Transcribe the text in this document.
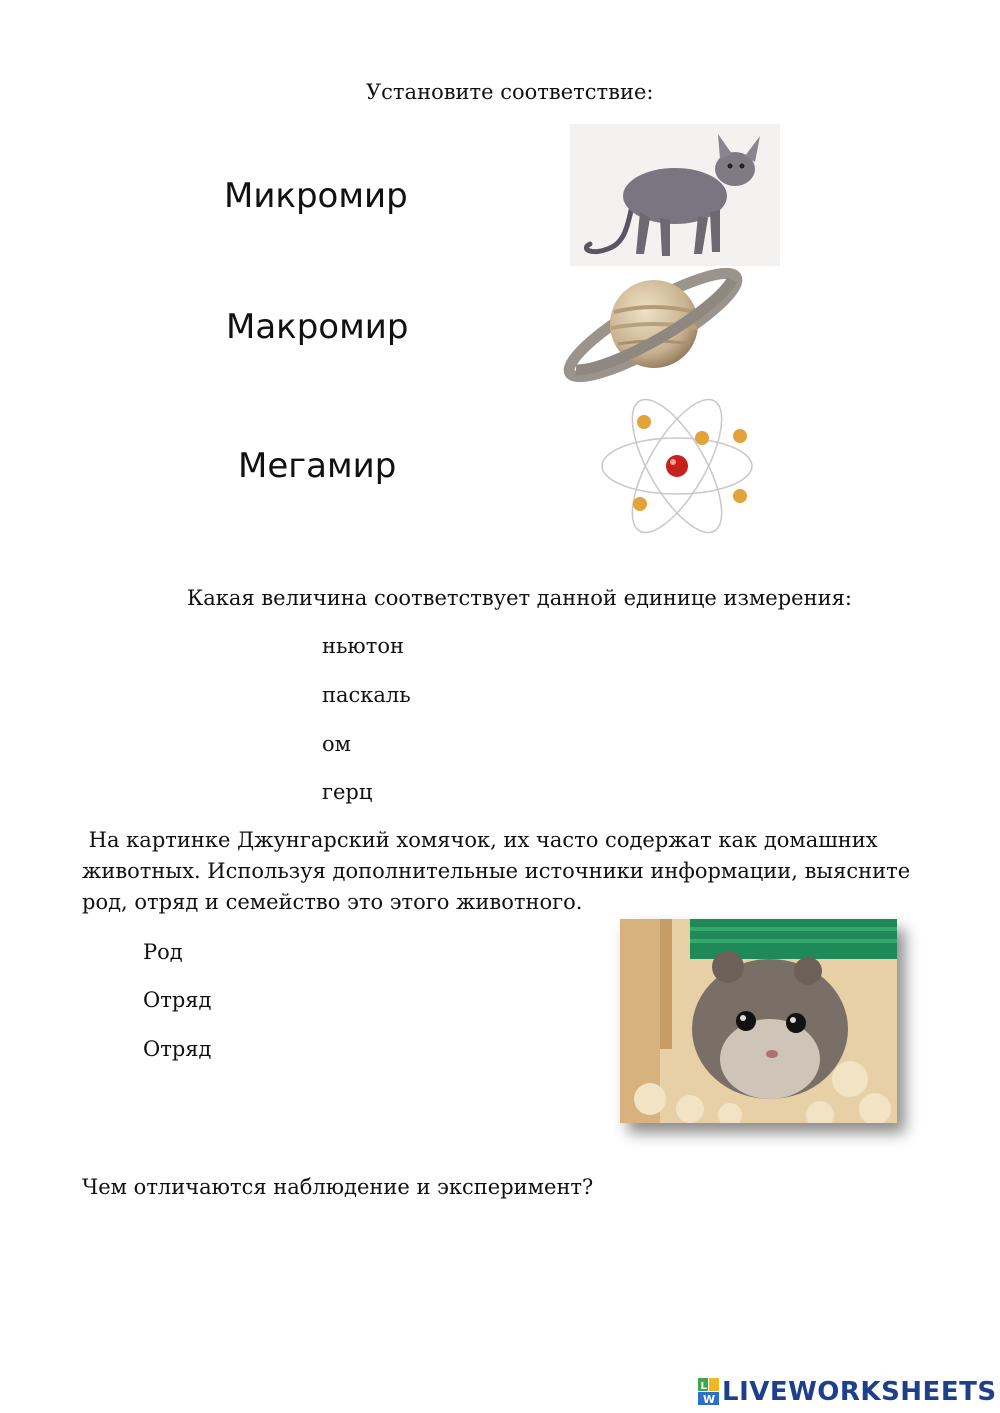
Установите соответствие:
Микромир
Макромир
Мегамир
Какая величина соответствует данной единице измерения:
ньютон
паскаль
ом
герц
На картинке Джунгарский хомячок, их часто содержат как домашних
животных. Используя дополнительные источники информации, выясните
род, отряд и семейство это этого животного.
Род
Отряд
Отряд
Чем отличаются наблюдение и эксперимент?
L
W LIVEWORKSHEETS
